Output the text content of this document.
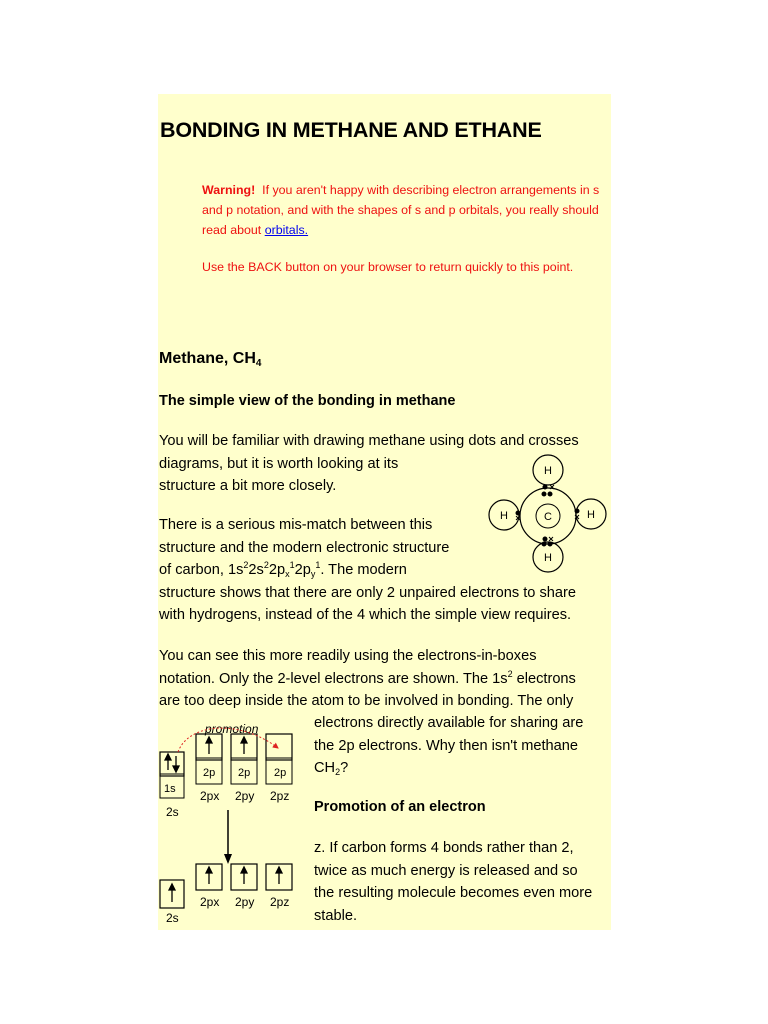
BONDING IN METHANE AND ETHANE
Warning! If you aren't happy with describing electron arrangements in s and p notation, and with the shapes of s and p orbitals, you really should read about orbitals.
Use the BACK button on your browser to return quickly to this point.
Methane, $CH_4$
The simple view of the bonding in methane
You will be familiar with drawing methane using dots and crosses
diagrams, but it is worth looking at its
structure a bit more closely.
There is a serious mis-match between this
structure and the modern electronic structure
of carbon, $1s^22s^22p_x^12p_y^1$. The modern
structure shows that there are only 2 unpaired electrons to share
with hydrogens, instead of the 4 which the simple view requires.
You can see this more readily using the electrons-in-boxes
notation. Only the 2-level electrons are shown. The $1s^2$ electrons
are too deep inside the atom to be involved in bonding. The only
electrons directly available for sharing are
the 2p electrons. Why then isn't methane
$CH_2$?
Promotion of an electron
z. If carbon forms 4 bonds rather than 2,
twice as much energy is released and so
the resulting molecule becomes even more
stable.
C
H
H	H
H
promotion
2p 2p 2p
1s
2s
2px 2py 2pz
2s
2px 2py 2pz
